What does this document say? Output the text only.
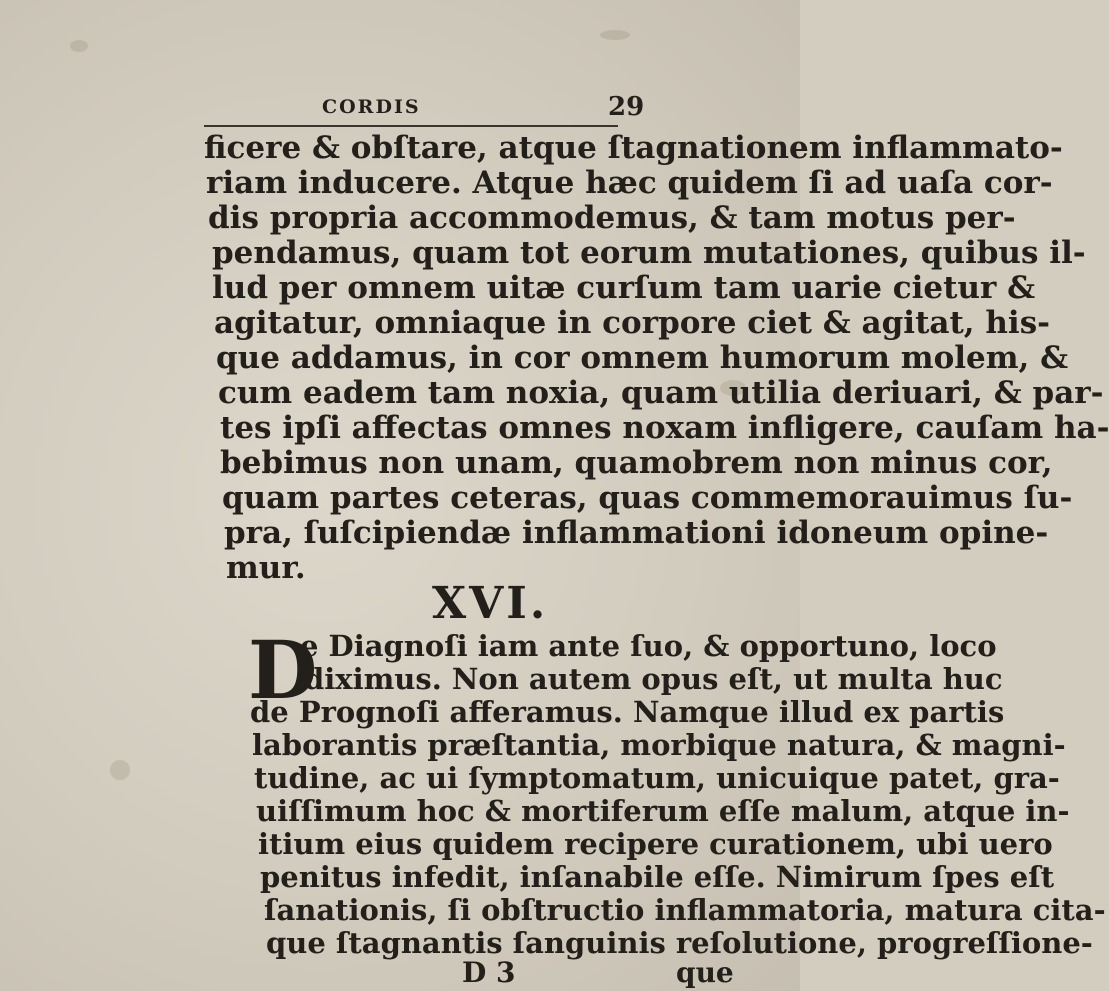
CORDIS	29
ficere & obſtare, atque ſtagnationem inflammato-
riam inducere. Atque hæc quidem ſi ad uaſa cor-
dis propria accommodemus, & tam motus per-
pendamus, quam tot eorum mutationes, quibus il-
lud per omnem uitæ curſum tam uarie cietur &
agitatur, omniaque in corpore ciet & agitat, his-
que addamus, in cor omnem humorum molem, &
cum eadem tam noxia, quam utilia deriuari, & par-
tes ipſi affectas omnes noxam infligere, cauſam ha-
bebimus non unam, quamobrem non minus cor,
quam partes ceteras, quas commemorauimus ſu-
pra, ſuſcipiendæ inflammationi idoneum opine-
mur.
XVI.
D
e Diagnoſi iam ante ſuo, & opportuno, loco
diximus. Non autem opus eſt, ut multa huc
de Prognoſi afferamus. Namque illud ex partis
laborantis præſtantia, morbique natura, & magni-
tudine, ac ui ſymptomatum, unicuique patet, gra-
uiſſimum hoc & mortiferum eſſe malum, atque in-
itium eius quidem recipere curationem, ubi uero
penitus infedit, inſanabile eſſe. Nimirum ſpes eſt
ſanationis, ſi obſtructio inflammatoria, matura cita-
que ſtagnantis ſanguinis reſolutione, progreſſione-
D 3	que
